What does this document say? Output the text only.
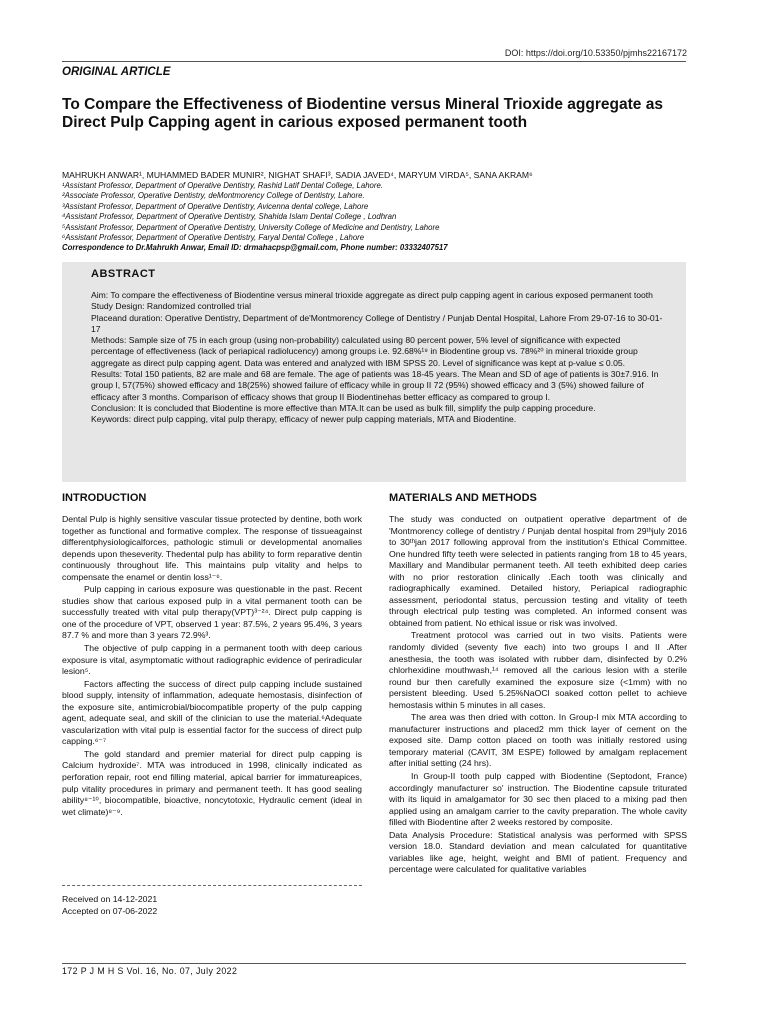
DOI: https://doi.org/10.53350/pjmhs22167172
ORIGINAL ARTICLE
To Compare the Effectiveness of Biodentine versus Mineral Trioxide aggregate as Direct Pulp Capping agent in carious exposed permanent tooth
MAHRUKH ANWAR¹, MUHAMMED BADER MUNIR², NIGHAT SHAFI³, SADIA JAVED⁴, MARYUM VIRDA⁵, SANA AKRAM⁶
¹Assistant Professor, Department of Operative Dentistry, Rashid Latif Dental College, Lahore.
²Associate Professor, Operative Dentistry, deMontmorency College of Dentistry, Lahore.
³Assistant Professor, Department of Operative Dentistry, Avicenna dental college, Lahore
⁴Assistant Professor, Department of Operative Dentistry, Shahida Islam Dental College , Lodhran
⁵Assistant Professor, Department of Operative Dentistry, University College of Medicine and Dentistry, Lahore
⁶Assistant Professor, Department of Operative Dentistry, Faryal Dental College , Lahore
Correspondence to Dr.Mahrukh Anwar, Email ID: drmahacpsp@gmail.com, Phone number: 03332407517
ABSTRACT

Aim: To compare the effectiveness of Biodentine versus mineral trioxide aggregate as direct pulp capping agent in carious exposed permanent tooth

Study Design: Randomized controlled trial

Placeand duration: Operative Dentistry, Department of de'Montmorency College of Dentistry / Punjab Dental Hospital, Lahore From 29-07-16 to 30-01-17

Methods: Sample size of 75 in each group (using non-probability) calculated using 80 percent power, 5% level of significance with expected percentage of effectiveness (lack of periapical radiolucency) among groups i.e. 92.68%¹⁹ in Biodentine group vs. 78%²⁰ in mineral trioxide group aggregate as direct pulp capping agent. Data was entered and analyzed with IBM SPSS 20. Level of significance was kept at p-value ≤ 0.05.

Results: Total 150 patients, 82 are male and 68 are female. The age of patients was 18-45 years. The Mean and SD of age of patients is 30±7.916. In group I, 57(75%) showed efficacy and 18(25%) showed failure of efficacy while in group II 72 (95%) showed efficacy and 3 (5%) showed failure of efficacy after 3 months. Comparison of efficacy shows that group II Biodentinehas better efficacy as compared to group I.

Conclusion: It is concluded that Biodentine is more effective than MTA.It can be used as bulk fill, simplify the pulp capping procedure.

Keywords: direct pulp capping, vital pulp therapy, efficacy of newer pulp capping materials, MTA and Biodentine.

INTRODUCTION

Dental Pulp is highly sensitive vascular tissue protected by dentine, both work together as functional and formative complex. The response of tissueagainst differentphysiologicalforces, pathologic stimuli or developmental anomalies depends upon theseverity. Thedental pulp has ability to form reparative dentin continuously throughout life. This maintains pulp vitality and helps to compensate the enamel or dentin loss¹⁻⁶.

Pulp capping in carious exposure was questionable in the past. Recent studies show that carious exposed pulp in a vital permanent tooth can be successfully treated with vital pulp therapy(VPT)³⁻²⁴. Direct pulp capping is one of the procedure of VPT, observed 1 year: 87.5%, 2 years 95.4%, 3 years 87.7 % and more than 3 years 72.9%³.

The objective of pulp capping in a permanent tooth with deep carious exposure is vital, asymptomatic without radiographic evidence of periradicular lesion⁵.

Factors affecting the success of direct pulp capping include sustained blood supply, intensity of inflammation, adequate hemostasis, disinfection of the exposure site, antimicrobial/biocompatible property of the pulp capping agent, adequate seal, and skill of the clinician to use the material.⁶Adequate vascularization with vital pulp is essential factor for the success of direct pulp capping.⁶⁻⁷

The gold standard and premier material for direct pulp capping is Calcium hydroxide⁷. MTA was introduced in 1998, clinically indicated as perforation repair, root end filling material, apical barrier for immatureapices, pulp vitality procedures in primary and permanent teeth. It has good sealing ability⁸⁻¹⁰, biocompatible, bioactive, noncytotoxic, Hydraulic cement (ideal in wet climate)⁸⁻⁹.

Received on 14-12-2021
Accepted on 07-06-2022
MATERIALS AND METHODS

The study was conducted on outpatient operative department of de 'Montmorency college of dentistry / Punjab dental hospital from 29ᵗʰjuly 2016 to 30ᵗʰjan 2017 following approval from the institution's Ethical Committee. One hundred fifty teeth were selected in patients ranging from 18 to 45 years, Maxillary and Mandibular permanent teeth. All teeth exhibited deep caries with no prior restoration clinically .Each tooth was clinically and radiographically examined. Detailed history, Periapical radiographic assessment, periodontal status, percussion testing and vitality of teeth through electrical pulp testing was completed. An informed consent was obtained from patient. No ethical issue or risk was involved.

Treatment protocol was carried out in two visits. Patients were randomly divided (seventy five each) into two groups I and II .After anesthesia, the tooth was isolated with rubber dam, disinfected by 0.2% chlorhexidine mouthwash,¹⁴ removed all the carious lesion with a sterile round bur then carefully examined the exposure size (<1mm) with no persistent bleeding. Used 5.25%NaOCl soaked cotton pellet to achieve hemostasis within 5 minutes in all cases.

The area was then dried with cotton. In Group-I mix MTA according to manufacturer instructions and placed2 mm thick layer of cement on the exposed site. Damp cotton placed on tooth was initially restored using temporary material (CAVIT, 3M ESPE) followed by amalgam replacement after initial setting (24 hrs).

In Group-II tooth pulp capped with Biodentine (Septodont, France) accordingly manufacturer so' instruction. The Biodentine capsule triturated with its liquid in amalgamator for 30 sec then placed to a mixing pad then applied using an amalgam carrier to the cavity preparation. The whole cavity filled with Biodentine after 2 weeks restored by composite.

Data Analysis Procedure: Statistical analysis was performed with SPSS version 18.0. Standard deviation and mean calculated for quantitative variables like age, height, weight and BMI of patient. Frequency and percentage were calculated for qualitative variables

172 P J M H S Vol. 16, No. 07, July 2022
